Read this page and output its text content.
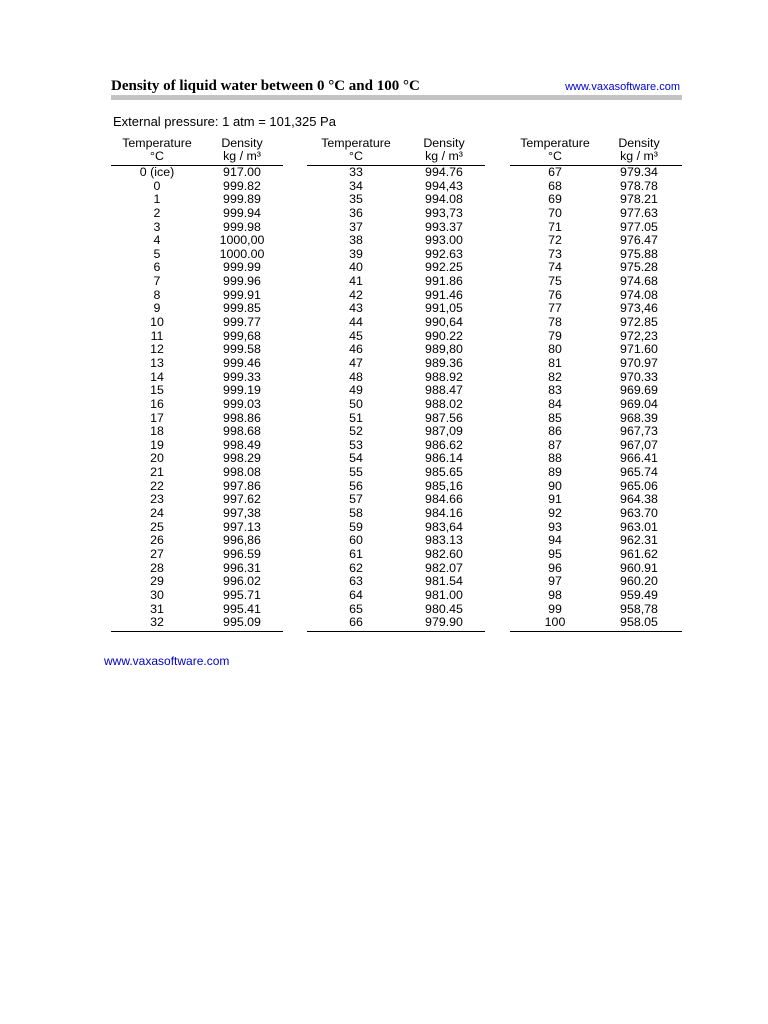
Density of liquid water between 0 °C and 100 °C	www.vaxasoftware.com
External pressure: 1 atm = 101,325 Pa
Temperature
°C
Density
kg / m³
0 (ice)	917.00
0	999.82
1	999.89
2	999.94
3	999.98
4	1000,00
5	1000.00
6	999.99
7	999.96
8	999.91
9	999.85
10	999.77
11	999,68
12	999.58
13	999.46
14	999.33
15	999.19
16	999.03
17	998.86
18	998.68
19	998.49
20	998.29
21	998.08
22	997.86
23	997.62
24	997,38
25	997.13
26	996,86
27	996.59
28	996.31
29	996.02
30	995.71
31	995.41
32	995.09
Temperature
°C
Density
kg / m³
33	994.76
34	994,43
35	994.08
36	993,73
37	993.37
38	993.00
39	992.63
40	992.25
41	991.86
42	991.46
43	991,05
44	990,64
45	990.22
46	989,80
47	989.36
48	988.92
49	988.47
50	988.02
51	987.56
52	987,09
53	986.62
54	986.14
55	985.65
56	985,16
57	984.66
58	984.16
59	983,64
60	983.13
61	982.60
62	982.07
63	981.54
64	981.00
65	980.45
66	979.90
Temperature
°C
Density
kg / m³
67	979.34
68	978.78
69	978.21
70	977.63
71	977.05
72	976.47
73	975.88
74	975.28
75	974.68
76	974.08
77	973,46
78	972.85
79	972,23
80	971.60
81	970.97
82	970.33
83	969.69
84	969.04
85	968.39
86	967,73
87	967,07
88	966.41
89	965.74
90	965.06
91	964.38
92	963.70
93	963.01
94	962.31
95	961.62
96	960.91
97	960.20
98	959.49
99	958,78
100	958.05
www.vaxasoftware.com
